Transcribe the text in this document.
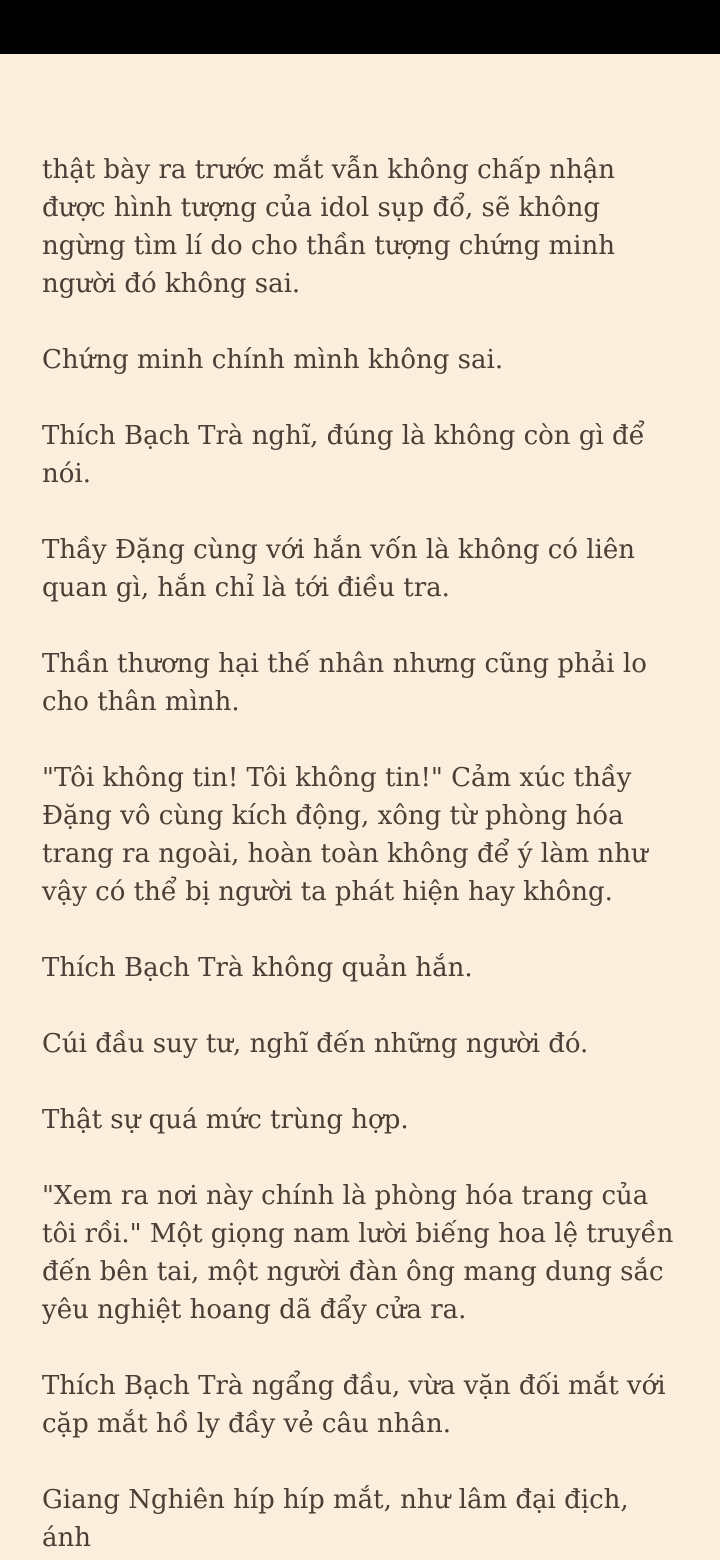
thật bày ra trước mắt vẫn không chấp nhận được hình tượng của idol sụp đổ, sẽ không ngừng tìm lí do cho thần tượng chứng minh người đó không sai.

Chứng minh chính mình không sai.

Thích Bạch Trà nghĩ, đúng là không còn gì để nói.

Thầy Đặng cùng với hắn vốn là không có liên quan gì, hắn chỉ là tới điều tra.

Thần thương hại thế nhân nhưng cũng phải lo cho thân mình.

"Tôi không tin! Tôi không tin!" Cảm xúc thầy Đặng vô cùng kích động, xông từ phòng hóa trang ra ngoài, hoàn toàn không để ý làm như vậy có thể bị người ta phát hiện hay không.

Thích Bạch Trà không quản hắn.

Cúi đầu suy tư, nghĩ đến những người đó.

Thật sự quá mức trùng hợp.

"Xem ra nơi này chính là phòng hóa trang của tôi rồi." Một giọng nam lười biếng hoa lệ truyền đến bên tai, một người đàn ông mang dung sắc yêu nghiệt hoang dã đẩy cửa ra.

Thích Bạch Trà ngẩng đầu, vừa vặn đối mắt với cặp mắt hồ ly đầy vẻ câu nhân.

Giang Nghiên híp híp mắt, như lâm đại địch, ánh
